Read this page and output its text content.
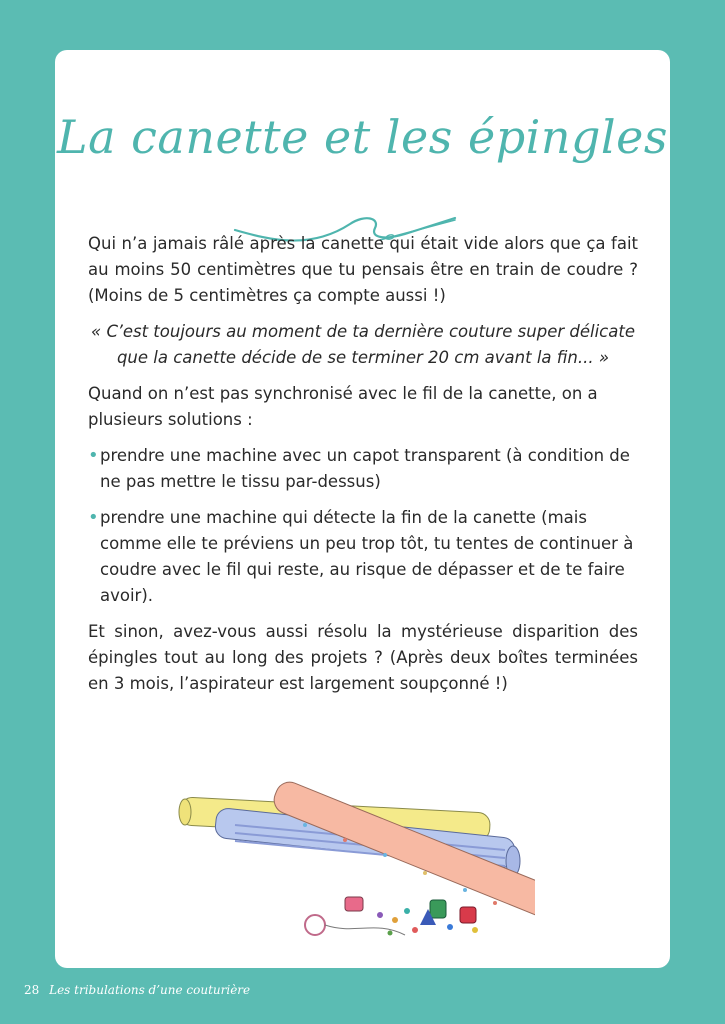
La canette et les épingles

Qui n’a jamais râlé après la canette qui était vide alors que ça fait au moins 50 centimètres que tu pensais être en train de coudre ? (Moins de 5 centimètres ça compte aussi !)

« C’est toujours au moment de ta dernière couture super délicate que la canette décide de se terminer 20 cm avant la fin... »

Quand on n’est pas synchronisé avec le fil de la canette, on a plusieurs solutions :

• prendre une machine avec un capot transparent (à condition de ne pas mettre le tissu par-dessus)
• prendre une machine qui détecte la fin de la canette (mais comme elle te préviens un peu trop tôt, tu tentes de continuer à coudre avec le fil qui reste, au risque de dépasser et de te faire avoir).

Et sinon, avez-vous aussi résolu la mystérieuse disparition des épingles tout au long des projets ? (Après deux boîtes terminées en 3 mois, l’aspirateur est largement soupçonné !)

28 Les tribulations d’une couturière
